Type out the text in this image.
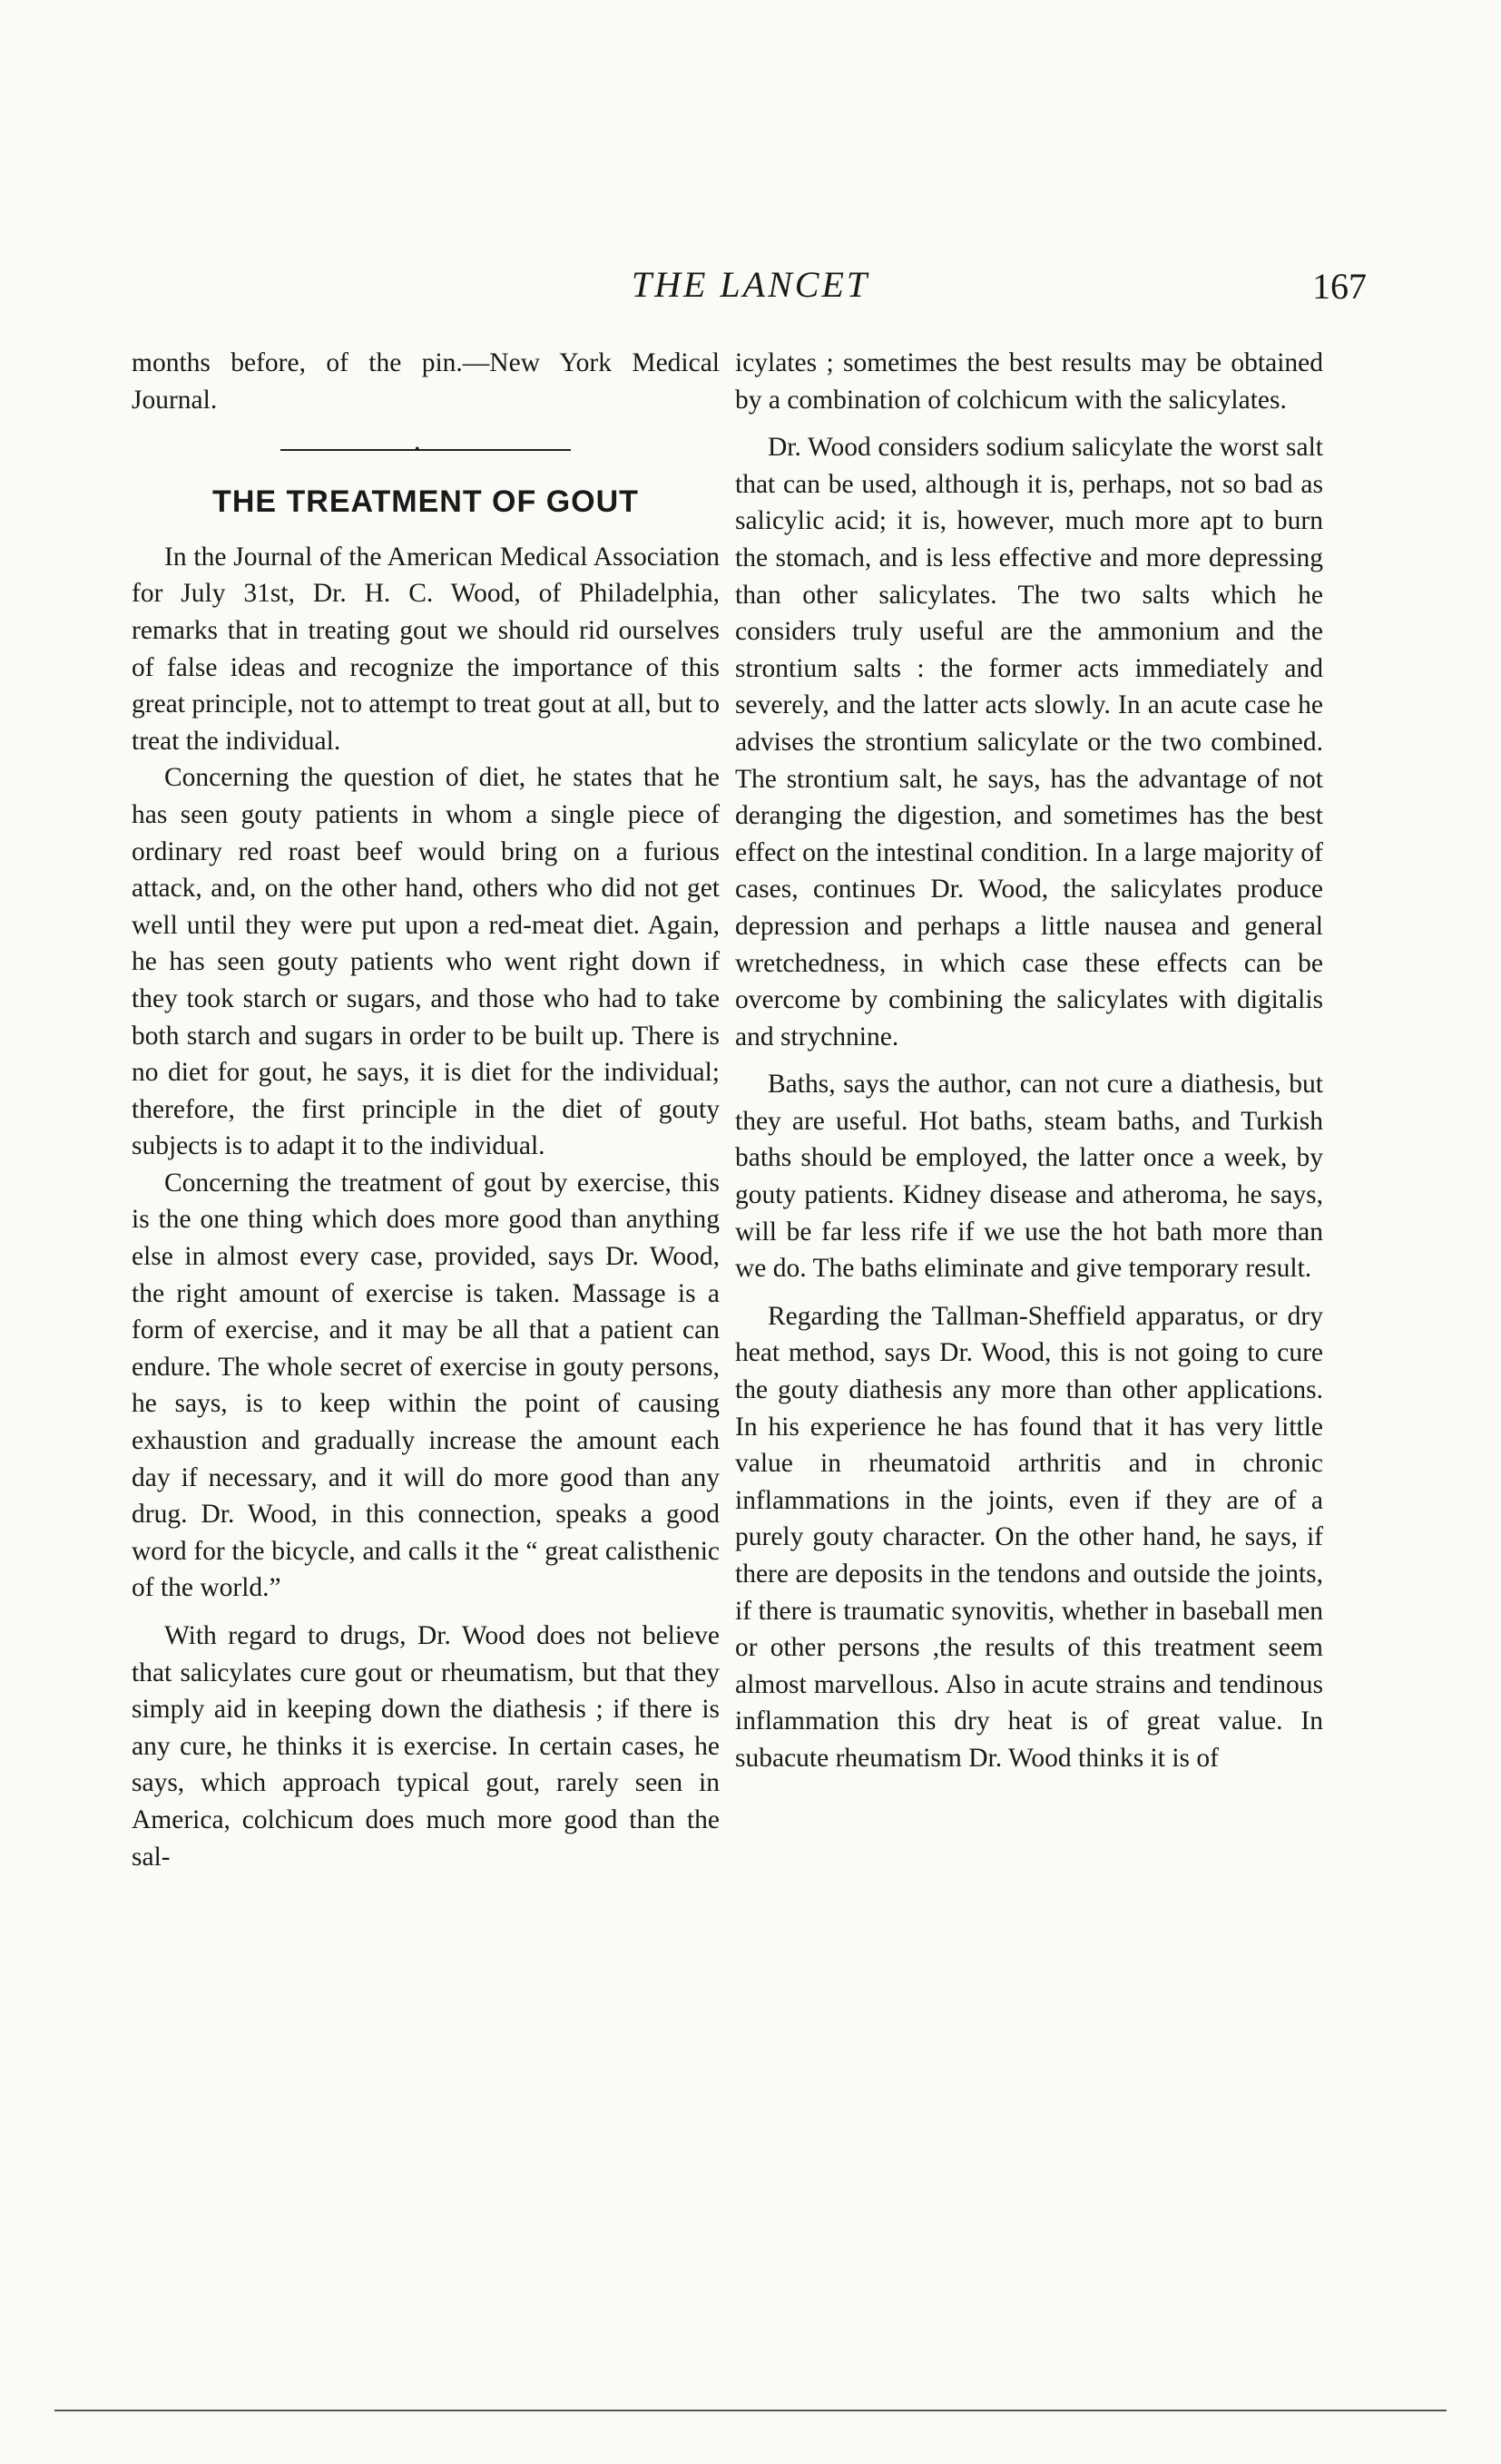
THE LANCET	167

months before, of the pin.—New York Medical Journal.

•
THE TREATMENT OF GOUT

In the Journal of the American Medical Association for July 31st, Dr. H. C. Wood, of Philadelphia, remarks that in treating gout we should rid ourselves of false ideas and recognize the importance of this great principle, not to attempt to treat gout at all, but to treat the individual.

Concerning the question of diet, he states that he has seen gouty patients in whom a single piece of ordinary red roast beef would bring on a furious attack, and, on the other hand, others who did not get well until they were put upon a red-meat diet. Again, he has seen gouty patients who went right down if they took starch or sugars, and those who had to take both starch and sugars in order to be built up. There is no diet for gout, he says, it is diet for the individual; therefore, the first principle in the diet of gouty subjects is to adapt it to the individual.

Concerning the treatment of gout by exercise, this is the one thing which does more good than anything else in almost every case, provided, says Dr. Wood, the right amount of exercise is taken. Massage is a form of exercise, and it may be all that a patient can endure. The whole secret of exercise in gouty persons, he says, is to keep within the point of causing exhaustion and gradually increase the amount each day if necessary, and it will do more good than any drug. Dr. Wood, in this connection, speaks a good word for the bicycle, and calls it the “ great calisthenic of the world.”

With regard to drugs, Dr. Wood does not believe that salicylates cure gout or rheumatism, but that they simply aid in keeping down the diathesis ; if there is any cure, he thinks it is exercise. In certain cases, he says, which approach typical gout, rarely seen in America, colchicum does much more good than the sal-

icylates ; sometimes the best results may be obtained by a combination of colchicum with the salicylates.

Dr. Wood considers sodium salicylate the worst salt that can be used, although it is, perhaps, not so bad as salicylic acid; it is, however, much more apt to burn the stomach, and is less effective and more depressing than other salicylates. The two salts which he considers truly useful are the ammonium and the strontium salts : the former acts immediately and severely, and the latter acts slowly. In an acute case he advises the strontium salicylate or the two combined. The strontium salt, he says, has the advantage of not deranging the digestion, and sometimes has the best effect on the intestinal condition. In a large majority of cases, continues Dr. Wood, the salicylates produce depression and perhaps a little nausea and general wretchedness, in which case these effects can be overcome by combining the salicylates with digitalis and strychnine.

Baths, says the author, can not cure a diathesis, but they are useful. Hot baths, steam baths, and Turkish baths should be employed, the latter once a week, by gouty patients. Kidney disease and atheroma, he says, will be far less rife if we use the hot bath more than we do. The baths eliminate and give temporary result.

Regarding the Tallman-Sheffield apparatus, or dry heat method, says Dr. Wood, this is not going to cure the gouty diathesis any more than other applications. In his experience he has found that it has very little value in rheumatoid arthritis and in chronic inflammations in the joints, even if they are of a purely gouty character. On the other hand, he says, if there are deposits in the tendons and outside the joints, if there is traumatic synovitis, whether in baseball men or other persons ,the results of this treatment seem almost marvellous. Also in acute strains and tendinous inflammation this dry heat is of great value. In subacute rheumatism Dr. Wood thinks it is of
